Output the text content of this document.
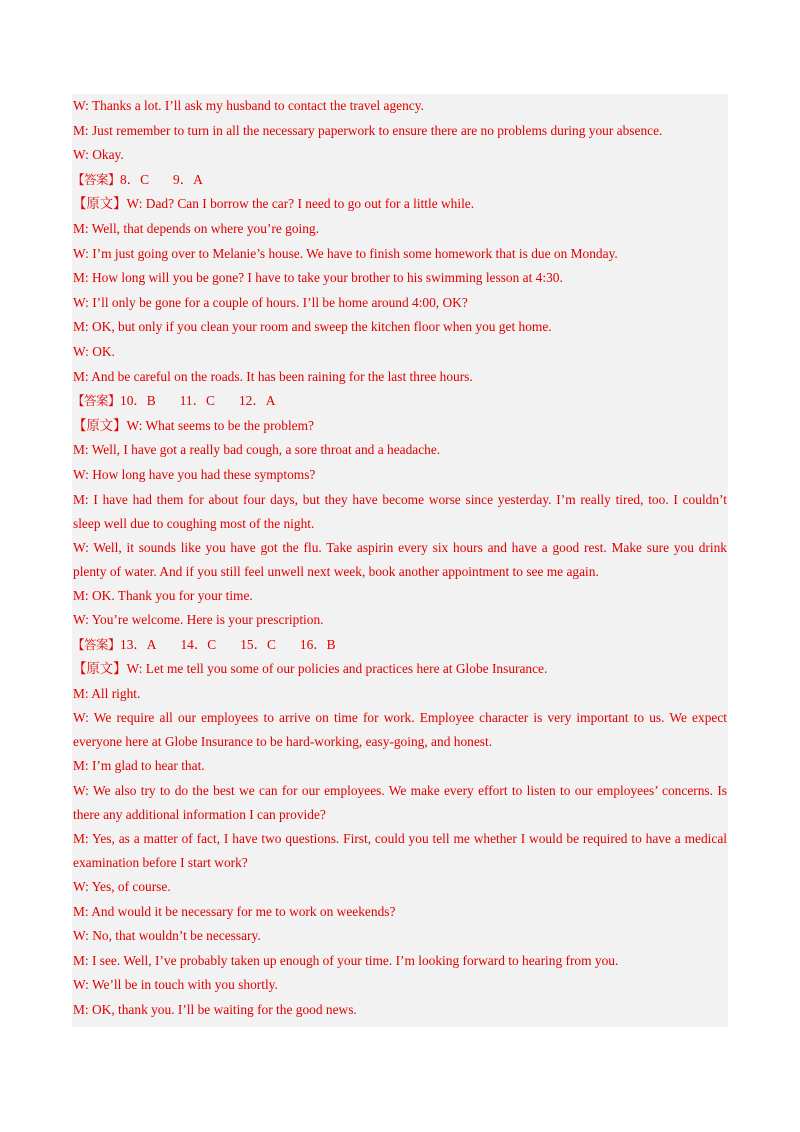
W: Thanks a lot. I’ll ask my husband to contact the travel agency.

M: Just remember to turn in all the necessary paperwork to ensure there are no problems during your absence.

W: Okay.

【答案】8．C 9．A

【原文】W: Dad? Can I borrow the car? I need to go out for a little while.

M: Well, that depends on where you’re going.

W: I’m just going over to Melanie’s house. We have to finish some homework that is due on Monday.

M: How long will you be gone? I have to take your brother to his swimming lesson at 4:30.

W: I’ll only be gone for a couple of hours. I’ll be home around 4:00, OK?

M: OK, but only if you clean your room and sweep the kitchen floor when you get home.

W: OK.

M: And be careful on the roads. It has been raining for the last three hours.

【答案】10．B 11．C 12．A

【原文】W: What seems to be the problem?

M: Well, I have got a really bad cough, a sore throat and a headache.

W: How long have you had these symptoms?

M: I have had them for about four days, but they have become worse since yesterday. I’m really tired, too. I couldn’t sleep well due to coughing most of the night.

W: Well, it sounds like you have got the flu. Take aspirin every six hours and have a good rest. Make sure you drink plenty of water. And if you still feel unwell next week, book another appointment to see me again.

M: OK. Thank you for your time.

W: You’re welcome. Here is your prescription.

【答案】13．A 14．C 15．C 16．B

【原文】W: Let me tell you some of our policies and practices here at Globe Insurance.

M: All right.

W: We require all our employees to arrive on time for work. Employee character is very important to us. We expect everyone here at Globe Insurance to be hard-working, easy-going, and honest.

M: I’m glad to hear that.

W: We also try to do the best we can for our employees. We make every effort to listen to our employees’ concerns. Is there any additional information I can provide?

M: Yes, as a matter of fact, I have two questions. First, could you tell me whether I would be required to have a medical examination before I start work?

W: Yes, of course.

M: And would it be necessary for me to work on weekends?

W: No, that wouldn’t be necessary.

M: I see. Well, I’ve probably taken up enough of your time. I’m looking forward to hearing from you.

W: We’ll be in touch with you shortly.

M: OK, thank you. I’ll be waiting for the good news.
